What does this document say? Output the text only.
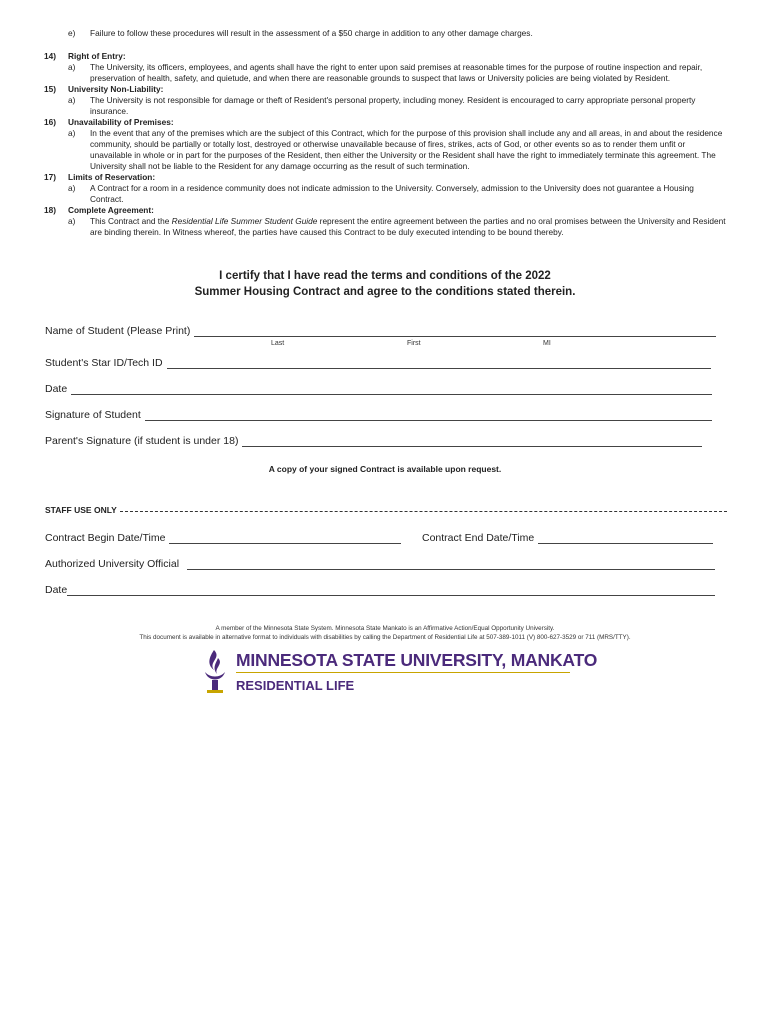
e)	Failure to follow these procedures will result in the assessment of a $50 charge in addition to any other damage charges.
14)	Right of Entry:
a)	The University, its officers, employees, and agents shall have the right to enter upon said premises at reasonable times for the purpose of routine inspection and repair, preservation of health, safety, and quietude, and when there are reasonable grounds to suspect that laws or University policies are being violated by Resident.
15)	University Non-Liability:
a)	The University is not responsible for damage or theft of Resident's personal property, including money. Resident is encouraged to carry appropriate personal property insurance.
16)	Unavailability of Premises:
a)	In the event that any of the premises which are the subject of this Contract, which for the purpose of this provision shall include any and all areas, in and about the residence community, should be partially or totally lost, destroyed or otherwise unavailable because of fires, strikes, acts of God, or other events so as to render them unfit or unavailable in whole or in part for the purposes of the Resident, then either the University or the Resident shall have the right to immediately terminate this agreement. The University shall not be liable to the Resident for any damage occurring as the result of such termination.
17)	Limits of Reservation:
a)	A Contract for a room in a residence community does not indicate admission to the University. Conversely, admission to the University does not guarantee a Housing Contract.
18)	Complete Agreement:
a)	This Contract and the Residential Life Summer Student Guide represent the entire agreement between the parties and no oral promises between the University and Resident are binding therein. In Witness whereof, the parties have caused this Contract to be duly executed intending to be bound thereby.
I certify that I have read the terms and conditions of the 2022
Summer Housing Contract and agree to the conditions stated therein.
Name of Student (Please Print)
Last	First	MI
Student's Star ID/Tech ID
Date
Signature of Student
Parent's Signature (if student is under 18)
A copy of your signed Contract is available upon request.
STAFF USE ONLY
Contract Begin Date/Time	Contract End Date/Time
Authorized University Official
Date
A member of the Minnesota State System. Minnesota State Mankato is an Affirmative Action/Equal Opportunity University.
This document is available in alternative format to individuals with disabilities by calling the Department of Residential Life at 507-389-1011 (V) 800-627-3529 or 711 (MRS/TTY).
MINNESOTA STATE UNIVERSITY, MANKATO
RESIDENTIAL LIFE
